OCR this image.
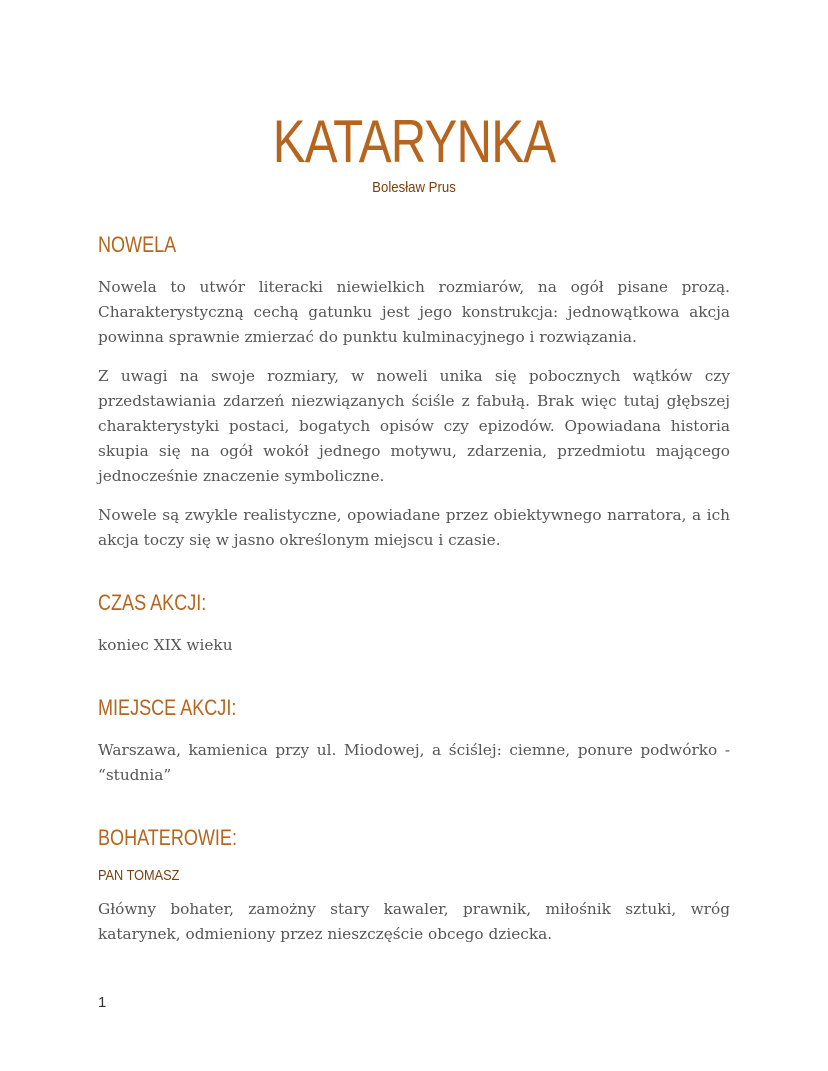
KATARYNKA
Bolesław Prus
NOWELA

Nowela to utwór literacki niewielkich rozmiarów, na ogół pisane prozą. Charakterystyczną cechą gatunku jest jego konstrukcja: jednowątkowa akcja powinna sprawnie zmierzać do punktu kulminacyjnego i rozwiązania.

Z uwagi na swoje rozmiary, w noweli unika się pobocznych wątków czy przedstawiania zdarzeń niezwiązanych ściśle z fabułą. Brak więc tutaj głębszej charakterystyki postaci, bogatych opisów czy epizodów. Opowiadana historia skupia się na ogół wokół jednego motywu, zdarzenia, przedmiotu mającego jednocześnie znaczenie symboliczne.

Nowele są zwykle realistyczne, opowiadane przez obiektywnego narratora, a ich akcja toczy się w jasno określonym miejscu i czasie.

CZAS AKCJI:

koniec XIX wieku

MIEJSCE AKCJI:

Warszawa, kamienica przy ul. Miodowej, a ściślej: ciemne, ponure podwórko - “studnia”

BOHATEROWIE:
PAN TOMASZ

Główny bohater, zamożny stary kawaler, prawnik, miłośnik sztuki, wróg katarynek, odmieniony przez nieszczęście obcego dziecka.

1
